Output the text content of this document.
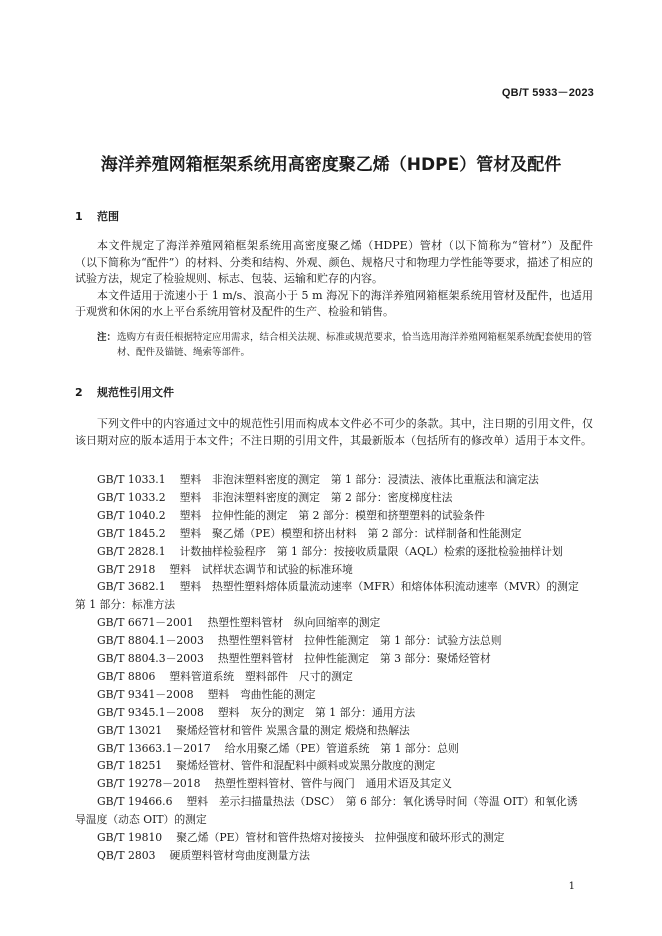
QB/T 5933－2023
海洋养殖网箱框架系统用高密度聚乙烯（HDPE）管材及配件
1 范围

本文件规定了海洋养殖网箱框架系统用高密度聚乙烯（HDPE）管材（以下简称为“管材”）及配件（以下简称为“配件”）的材料、分类和结构、外观、颜色、规格尺寸和物理力学性能等要求，描述了相应的试验方法，规定了检验规则、标志、包装、运输和贮存的内容。

本文件适用于流速小于 1 m/s、浪高小于 5 m 海况下的海洋养殖网箱框架系统用管材及配件，也适用于观赏和休闲的水上平台系统用管材及配件的生产、检验和销售。

注： 选购方有责任根据特定应用需求，结合相关法规、标准或规范要求，恰当选用海洋养殖网箱框架系统配套使用的管材、配件及锚链、绳索等部件。
2 规范性引用文件

下列文件中的内容通过文中的规范性引用而构成本文件必不可少的条款。其中，注日期的引用文件，仅该日期对应的版本适用于本文件；不注日期的引用文件，其最新版本（包括所有的修改单）适用于本文件。

GB/T 1033.1 塑料　非泡沫塑料密度的测定　第 1 部分：浸渍法、液体比重瓶法和滴定法
GB/T 1033.2 塑料　非泡沫塑料密度的测定　第 2 部分：密度梯度柱法
GB/T 1040.2 塑料　拉伸性能的测定　第 2 部分：模塑和挤塑塑料的试验条件
GB/T 1845.2 塑料　聚乙烯（PE）模塑和挤出材料　第 2 部分：试样制备和性能测定
GB/T 2828.1 计数抽样检验程序　第 1 部分：按接收质量限（AQL）检索的逐批检验抽样计划
GB/T 2918 塑料　试样状态调节和试验的标准环境
GB/T 3682.1 塑料　热塑性塑料熔体质量流动速率（MFR）和熔体体积流动速率（MVR）的测定
第 1 部分：标准方法
GB/T 6671－2001 热塑性塑料管材　纵向回缩率的测定
GB/T 8804.1－2003 热塑性塑料管材　拉伸性能测定　第 1 部分：试验方法总则
GB/T 8804.3－2003 热塑性塑料管材　拉伸性能测定　第 3 部分：聚烯烃管材
GB/T 8806 塑料管道系统　塑料部件　尺寸的测定
GB/T 9341－2008 塑料　弯曲性能的测定
GB/T 9345.1－2008 塑料　灰分的测定　第 1 部分：通用方法
GB/T 13021 聚烯烃管材和管件 炭黑含量的测定 煅烧和热解法
GB/T 13663.1－2017 给水用聚乙烯（PE）管道系统　第 1 部分：总则
GB/T 18251 聚烯烃管材、管件和混配料中颜料或炭黑分散度的测定
GB/T 19278－2018 热塑性塑料管材、管件与阀门　通用术语及其定义
GB/T 19466.6 塑料　差示扫描量热法（DSC）　第 6 部分：氧化诱导时间（等温 OIT）和氧化诱
导温度（动态 OIT）的测定
GB/T 19810 聚乙烯（PE）管材和管件热熔对接接头　拉伸强度和破坏形式的测定
QB/T 2803 硬质塑料管材弯曲度测量方法
1
